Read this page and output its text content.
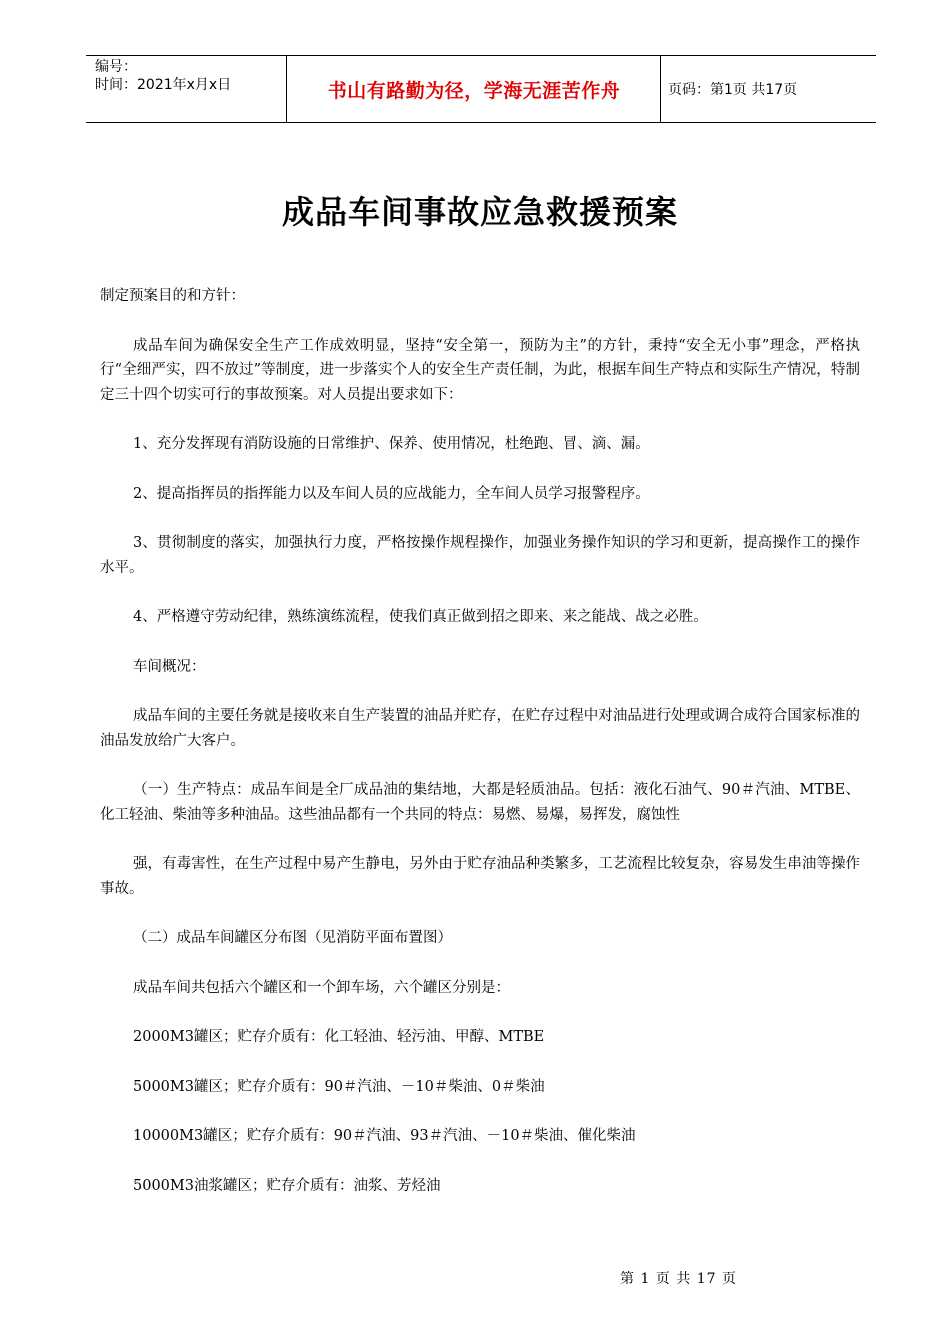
编号：
时间：2021年x月x日	书山有路勤为径，学海无涯苦作舟	页码：第1页 共17页
成品车间事故应急救援预案

制定预案目的和方针：

成品车间为确保安全生产工作成效明显，坚持“安全第一，预防为主”的方针，秉持“安全无小事”理念，严格执行“全细严实，四不放过”等制度，进一步落实个人的安全生产责任制，为此，根据车间生产特点和实际生产情况，特制定三十四个切实可行的事故预案。对人员提出要求如下：

1、充分发挥现有消防设施的日常维护、保养、使用情况，杜绝跑、冒、滴、漏。

2、提高指挥员的指挥能力以及车间人员的应战能力，全车间人员学习报警程序。

3、贯彻制度的落实，加强执行力度，严格按操作规程操作，加强业务操作知识的学习和更新，提高操作工的操作水平。

4、严格遵守劳动纪律，熟练演练流程，使我们真正做到招之即来、来之能战、战之必胜。

车间概况：

成品车间的主要任务就是接收来自生产装置的油品并贮存，在贮存过程中对油品进行处理或调合成符合国家标准的油品发放给广大客户。

（一）生产特点：成品车间是全厂成品油的集结地，大都是轻质油品。包括：液化石油气、90＃汽油、MTBE、化工轻油、柴油等多种油品。这些油品都有一个共同的特点：易燃、易爆，易挥发，腐蚀性

强，有毒害性，在生产过程中易产生静电，另外由于贮存油品种类繁多，工艺流程比较复杂，容易发生串油等操作事故。

（二）成品车间罐区分布图（见消防平面布置图）

成品车间共包括六个罐区和一个卸车场，六个罐区分别是：

2000M3罐区；贮存介质有：化工轻油、轻污油、甲醇、MTBE

5000M3罐区；贮存介质有：90＃汽油、－10＃柴油、0＃柴油

10000M3罐区；贮存介质有：90＃汽油、93＃汽油、－10＃柴油、催化柴油

5000M3油浆罐区；贮存介质有：油浆、芳烃油

第 1 页 共 17 页
